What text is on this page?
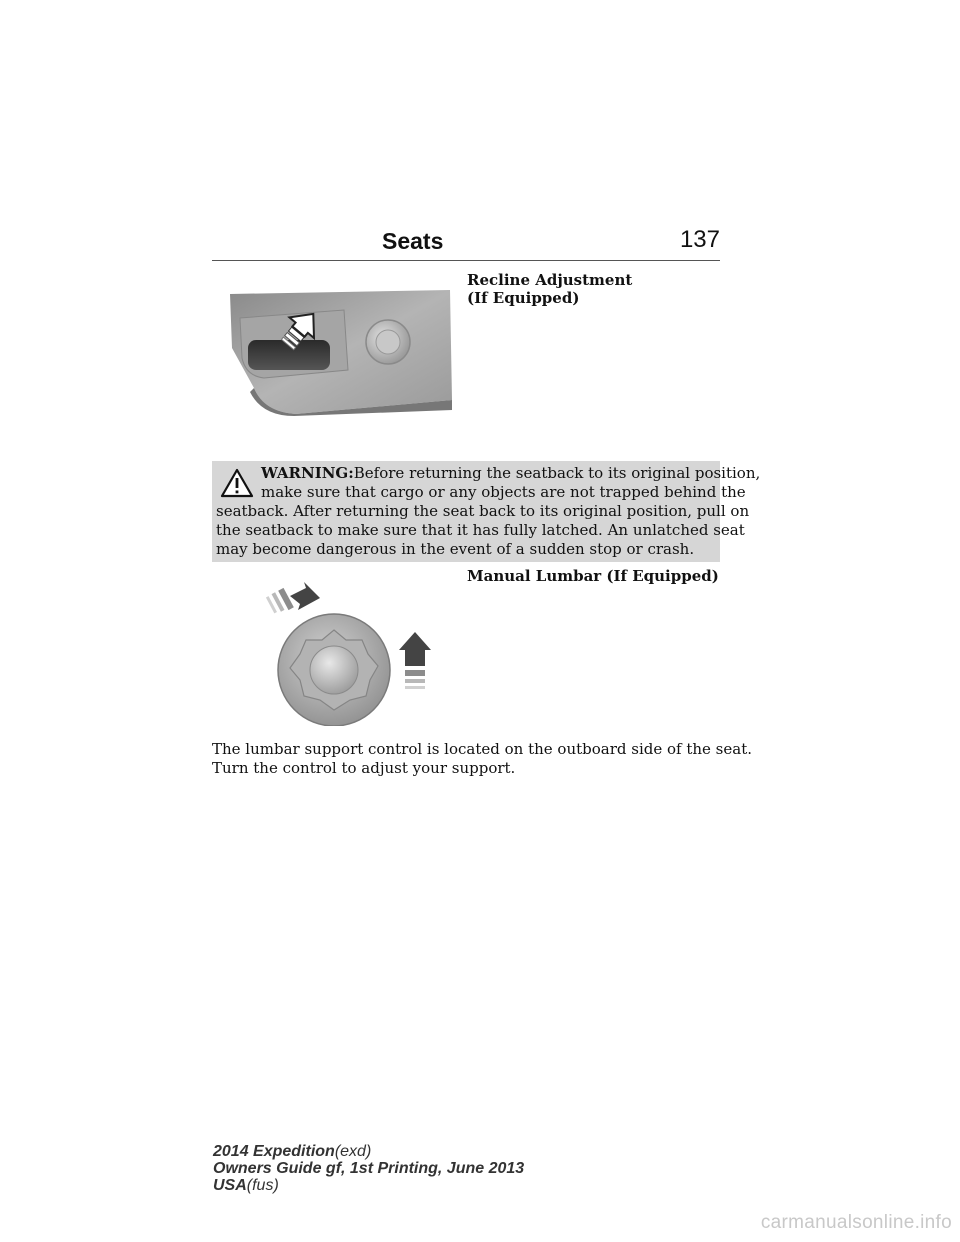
Seats	137
Recline Adjustment
(If Equipped)
WARNING:Before returning the seatback to its original position,
make sure that cargo or any objects are not trapped behind the
seatback. After returning the seat back to its original position, pull on
the seatback to make sure that it has fully latched. An unlatched seat
may become dangerous in the event of a sudden stop or crash.
Manual Lumbar (If Equipped)
The lumbar support control is located on the outboard side of the seat.
Turn the control to adjust your support.
2014 Expedition(exd)
Owners Guide gf, 1st Printing, June 2013
USA(fus)
carmanualsonline.info
